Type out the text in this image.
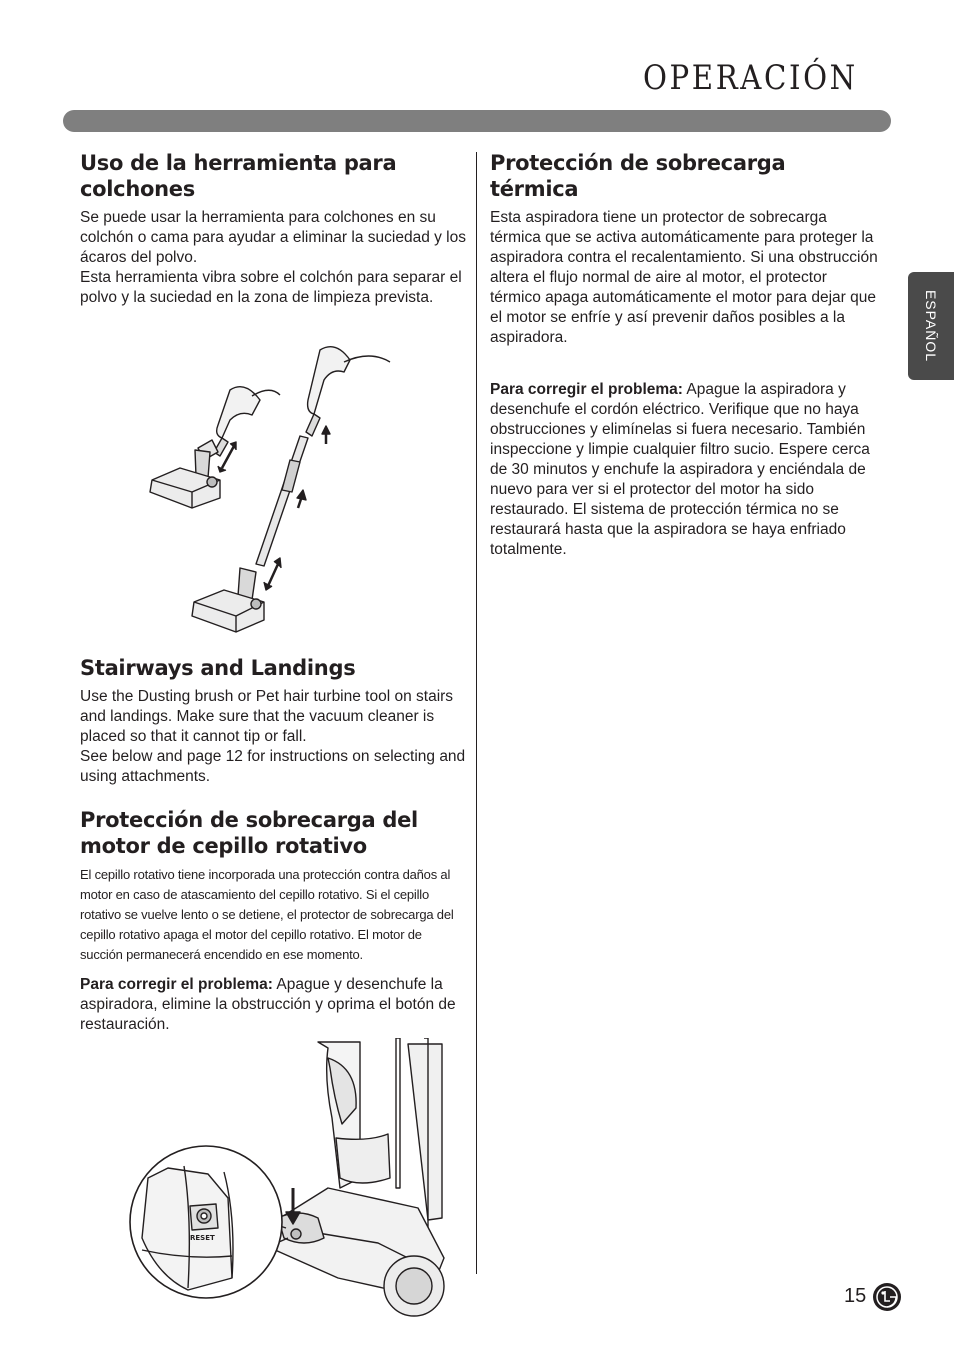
OPERACIÓN
ESPAÑOL
Uso de la herramienta para colchones

Se puede usar la herramienta para colchones en su colchón o cama para ayudar a eliminar la suciedad y los ácaros del polvo.

Esta herramienta vibra sobre el colchón para separar el polvo y la suciedad en la zona de limpieza prevista.

Stairways and Landings

Use the Dusting brush or Pet hair turbine tool on stairs and landings. Make sure that the vacuum cleaner is placed so that it cannot tip or fall.

See below and page 12 for instructions on selecting and using attachments.

Protección de sobrecarga del motor de cepillo rotativo

El cepillo rotativo tiene incorporada una protección contra daños al motor en caso de atascamiento del cepillo rotativo. Si el cepillo rotativo se vuelve lento o se detiene, el protector de sobrecarga del cepillo rotativo apaga el motor del cepillo rotativo. El motor de succión permanecerá encendido en ese momento.

Para corregir el problema: Apague y desenchufe la aspiradora, elimine la obstrucción y oprima el botón de restauración.

RESET
Protección de sobrecarga térmica

Esta aspiradora tiene un protector de sobrecarga térmica que se activa automáticamente para proteger la aspiradora contra el recalentamiento. Si una obstrucción altera el flujo normal de aire al motor, el protector térmico apaga automáticamente el motor para dejar que el motor se enfríe y así prevenir daños posibles a la aspiradora.

Para corregir el problema: Apague la aspiradora y desenchufe el cordón eléctrico. Verifique que no haya obstrucciones y elimínelas si fuera necesario. También inspeccione y limpie cualquier filtro sucio. Espere cerca de 30 minutos y enchufe la aspiradora y enciéndala de nuevo para ver si el protector del motor ha sido restaurado. El sistema de protección térmica no se restaurará hasta que la aspiradora se haya enfriado totalmente.

15
